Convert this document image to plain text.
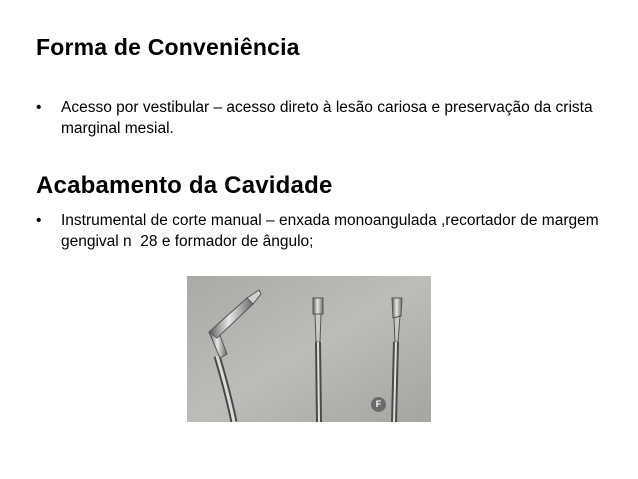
Forma de Conveniência
•	Acesso por vestibular – acesso direto à lesão cariosa e preservação da crista marginal mesial.
Acabamento da Cavidade
•	Instrumental de corte manual – enxada monoangulada ,recortador de margem gengival n  28 e formador de ângulo;
F
